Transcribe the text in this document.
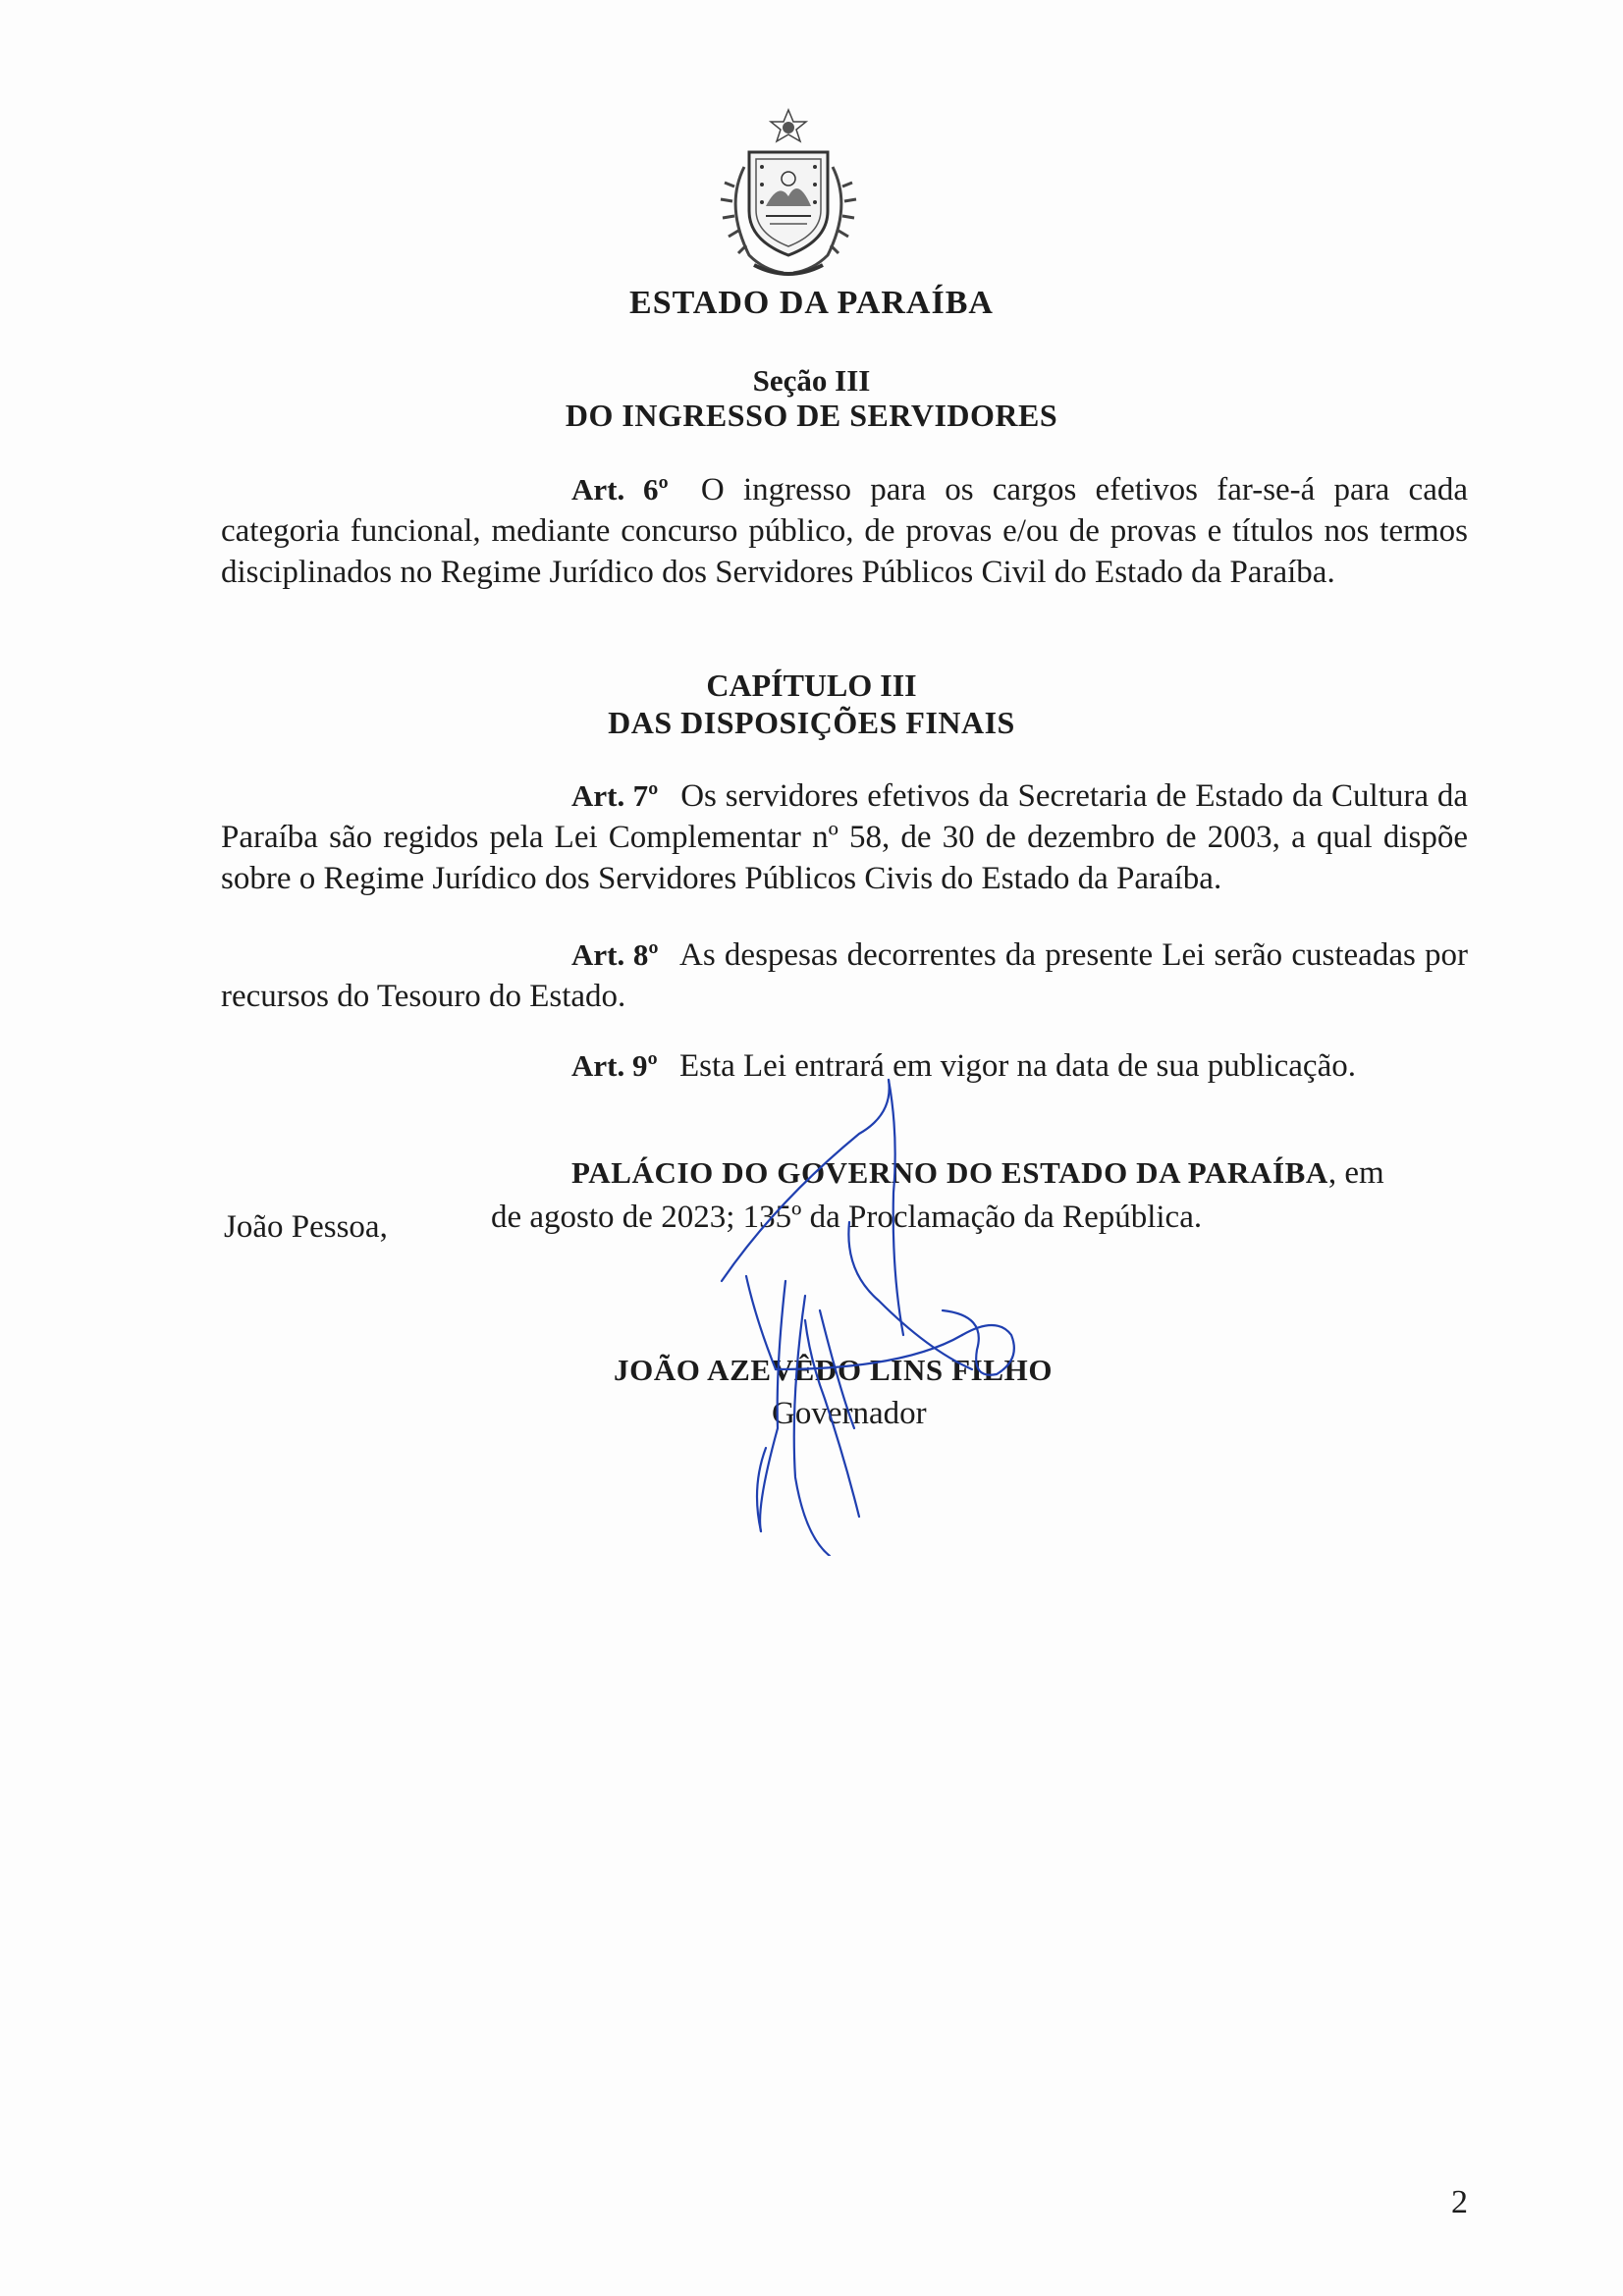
ESTADO DA PARAÍBA
Seção III
DO INGRESSO DE SERVIDORES
Art. 6º O ingresso para os cargos efetivos far-se-á para cada categoria funcional, mediante concurso público, de provas e/ou de provas e títulos nos termos disciplinados no Regime Jurídico dos Servidores Públicos Civil do Estado da Paraíba.
CAPÍTULO III
DAS DISPOSIÇÕES FINAIS
Art. 7º Os servidores efetivos da Secretaria de Estado da Cultura da Paraíba são regidos pela Lei Complementar nº 58, de 30 de dezembro de 2003, a qual dispõe sobre o Regime Jurídico dos Servidores Públicos Civis do Estado da Paraíba.
Art. 8º As despesas decorrentes da presente Lei serão custeadas por recursos do Tesouro do Estado.
Art. 9º Esta Lei entrará em vigor na data de sua publicação.
PALÁCIO DO GOVERNO DO ESTADO DA PARAÍBA, em
João Pessoa,	de agosto de 2023; 135º da Proclamação da República.
JOÃO AZEVÊDO LINS FILHO
Governador
2
